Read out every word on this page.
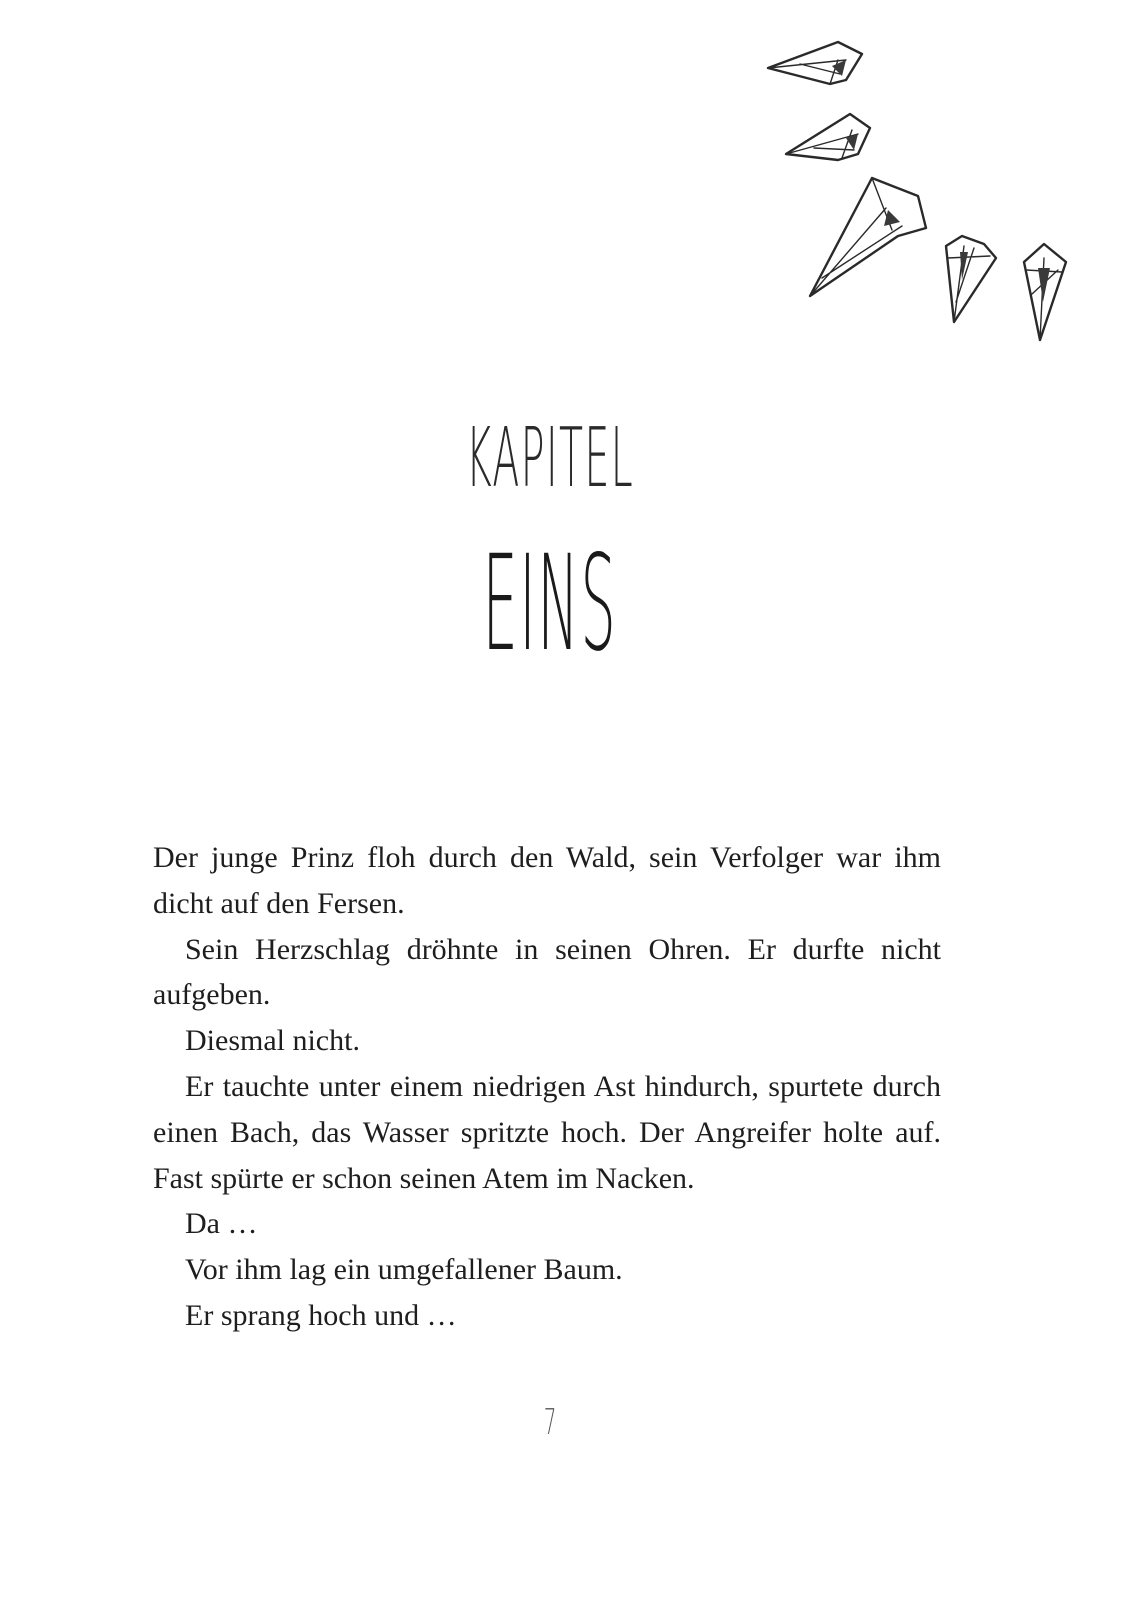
KAPITEL
EINS

Der junge Prinz floh durch den Wald, sein Verfolger war ihm dicht auf den Fersen.

Sein Herzschlag dröhnte in seinen Ohren. Er durfte nicht aufgeben.

Diesmal nicht.

Er tauchte unter einem niedrigen Ast hindurch, spurtete durch einen Bach, das Wasser spritzte hoch. Der Angreifer holte auf. Fast spürte er schon seinen Atem im Nacken.

Da …

Vor ihm lag ein umgefallener Baum.

Er sprang hoch und …

7
